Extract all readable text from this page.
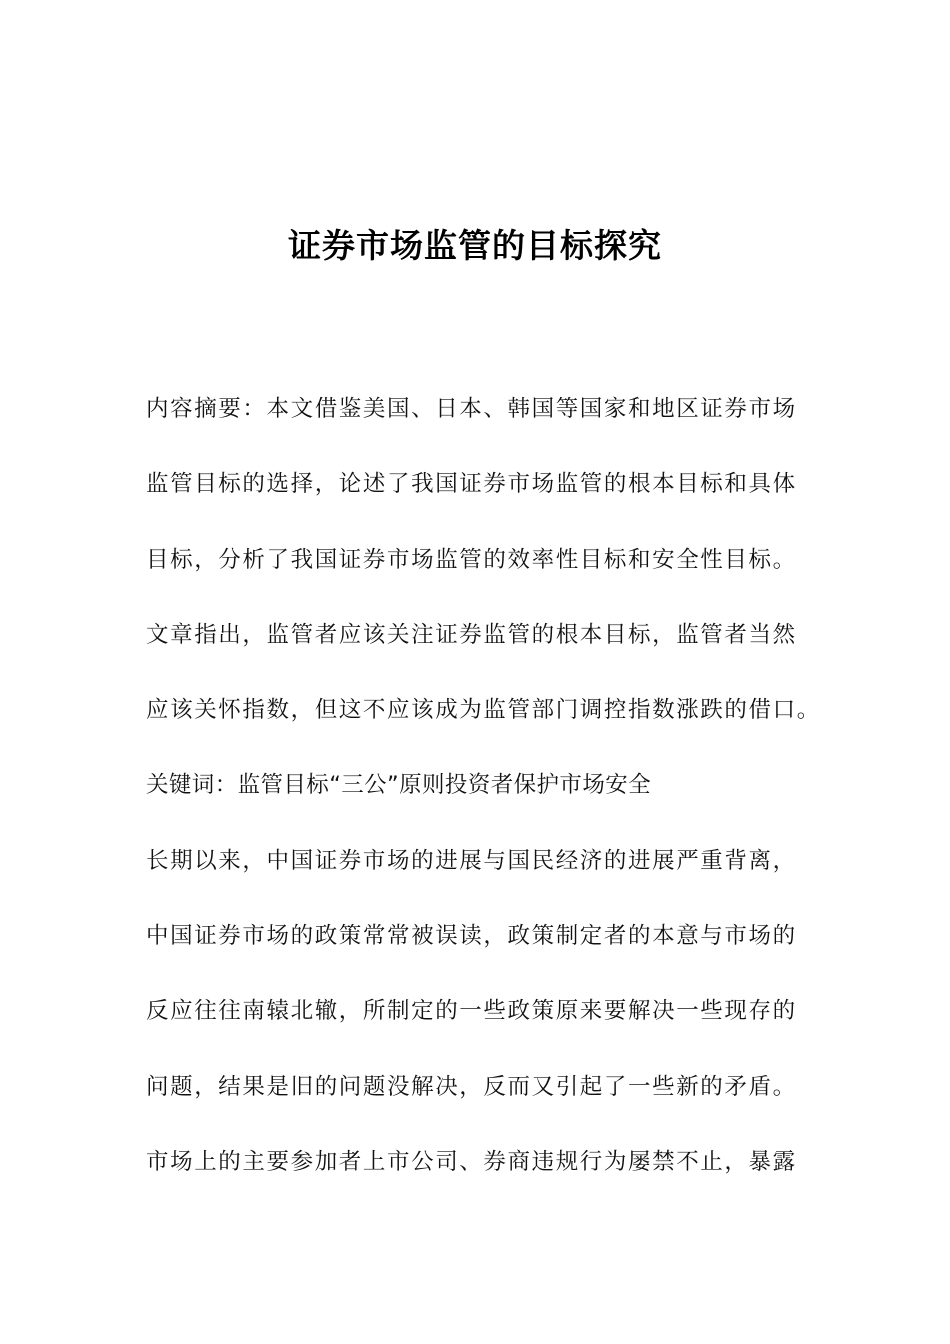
证券市场监管的目标探究
内容摘要：本文借鉴美国、日本、韩国等国家和地区证券市场
监管目标的选择，论述了我国证券市场监管的根本目标和具体
目标，分析了我国证券市场监管的效率性目标和安全性目标。
文章指出，监管者应该关注证券监管的根本目标，监管者当然
应该关怀指数，但这不应该成为监管部门调控指数涨跌的借口。
关键词：监管目标“三公”原则投资者保护市场安全
长期以来，中国证券市场的进展与国民经济的进展严重背离，
中国证券市场的政策常常被误读，政策制定者的本意与市场的
反应往往南辕北辙，所制定的一些政策原来要解决一些现存的
问题，结果是旧的问题没解决，反而又引起了一些新的矛盾。
市场上的主要参加者上市公司、券商违规行为屡禁不止，暴露
